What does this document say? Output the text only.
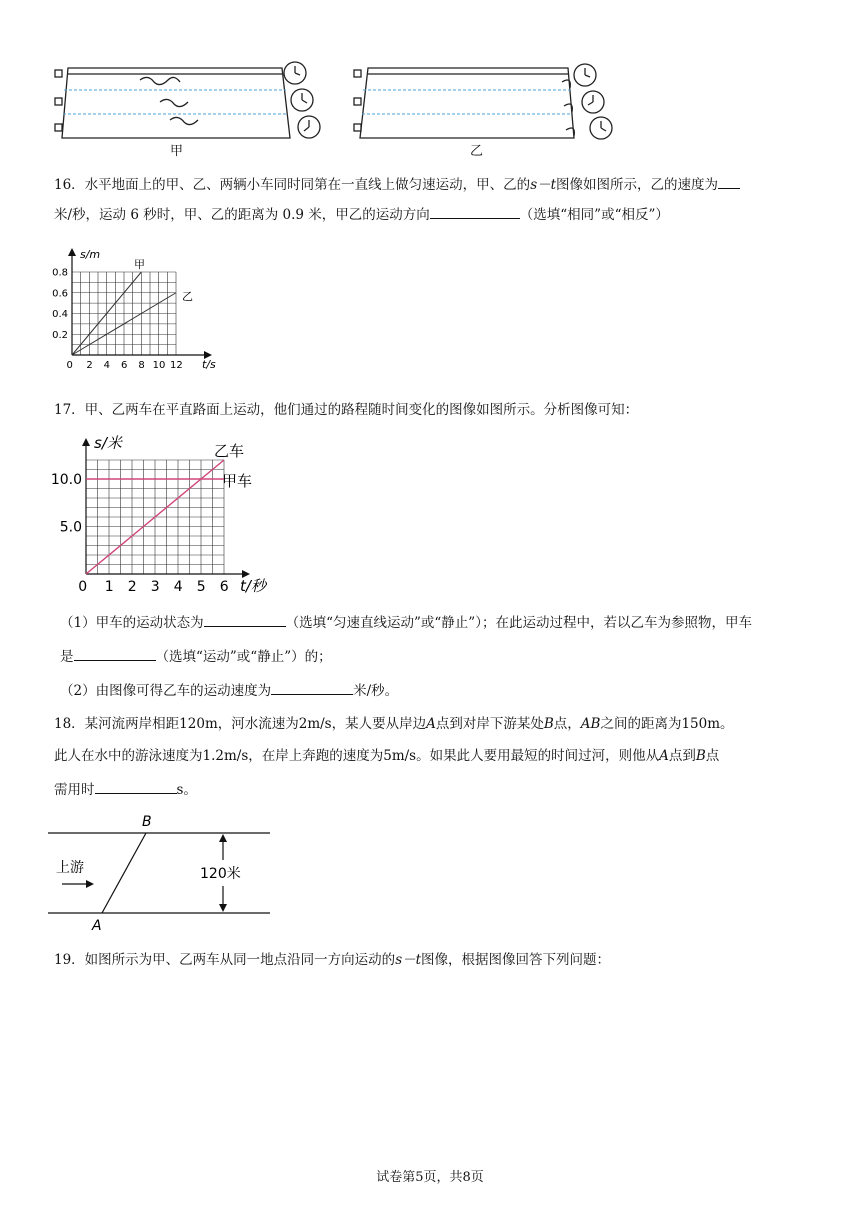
甲	乙
16．水平地面上的甲、乙、两辆小车同时同第在一直线上做匀速运动，甲、乙的s－t图像如图所示，乙的速度为
米/秒，运动 6 秒时，甲、乙的距离为 0.9 米，甲乙的运动方向	（选填“相同”或“相反”）
0 2 4 6 8 10 12
0.2
0.4
0.6
0.8
s/m
t/s
甲
乙
17．甲、乙两车在平直路面上运动，他们通过的路程随时间变化的图像如图所示。分析图像可知：
0 1 2 3 4 5 6
5.0
10.0
s/米
t/秒
甲车
乙车
（1）甲车的运动状态为	（选填“匀速直线运动”或“静止”）；在此运动过程中，若以乙车为参照物，甲车
是	（选填“运动”或“静止”）的；
（2）由图像可得乙车的运动速度为	米/秒。
18．某河流两岸相距120m，河水流速为2m/s，某人要从岸边A点到对岸下游某处B点，AB之间的距离为150m。
此人在水中的游泳速度为1.2m/s，在岸上奔跑的速度为5m/s。如果此人要用最短的时间过河，则他从A点到B点
需用时	s。
B
A
上游	120米
19．如图所示为甲、乙两车从同一地点沿同一方向运动的s－t图像，根据图像回答下列问题：
试卷第5页，共8页
